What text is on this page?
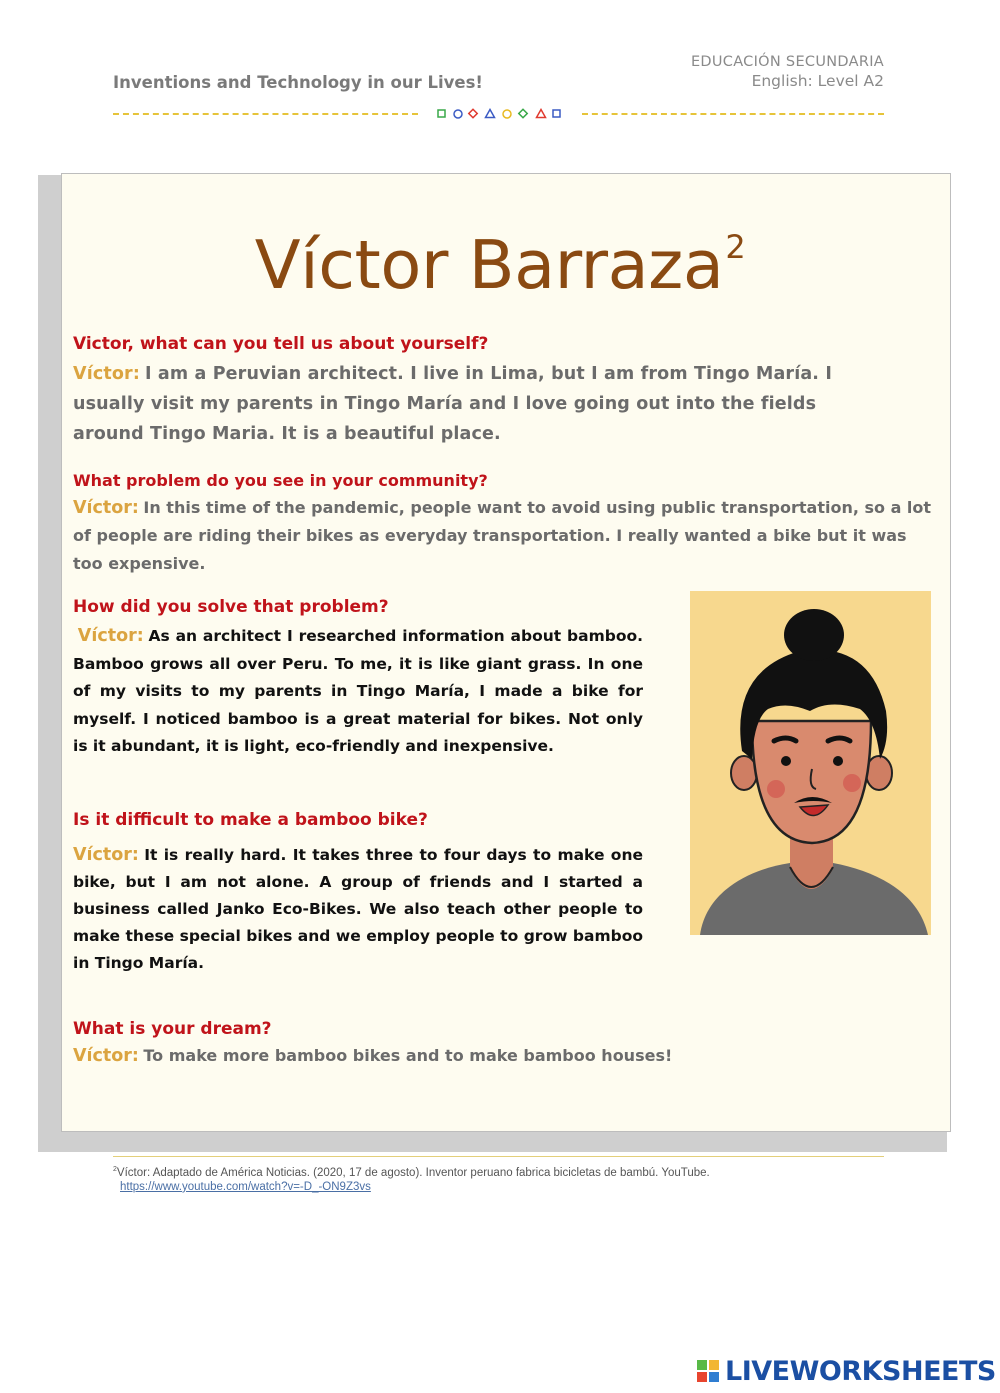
Inventions and Technology in our Lives!
EDUCACIÓN SECUNDARIA
English: Level A2
Víctor Barraza$^2$
Victor, what can you tell us about yourself?
Víctor: I am a Peruvian architect. I live in Lima, but I am from Tingo María. I usually visit my parents in Tingo María and I love going out into the fields around Tingo Maria. It is a beautiful place.
What problem do you see in your community?
Víctor: In this time of the pandemic, people want to avoid using public transportation, so a lot of people are riding their bikes as everyday transportation. I really wanted a bike but it was too expensive.
How did you solve that problem?
Víctor: As an architect I researched information about bamboo. Bamboo grows all over Peru. To me, it is like giant grass. In one of my visits to my parents in Tingo María, I made a bike for myself. I noticed bamboo is a great material for bikes. Not only is it abundant, it is light, eco-friendly and inexpensive.
Is it difficult to make a bamboo bike?
Víctor: It is really hard. It takes three to four days to make one bike, but I am not alone. A group of friends and I started a business called Janko Eco-Bikes. We also teach other people to make these special bikes and we employ people to grow bamboo in Tingo María.
What is your dream?
Víctor: To make more bamboo bikes and to make bamboo houses!
$^2$Víctor: Adaptado de América Noticias. (2020, 17 de agosto). Inventor peruano fabrica bicicletas de bambú. YouTube.
https://www.youtube.com/watch?v=-D_-ON9Z3vs
LIVEWORKSHEETS
